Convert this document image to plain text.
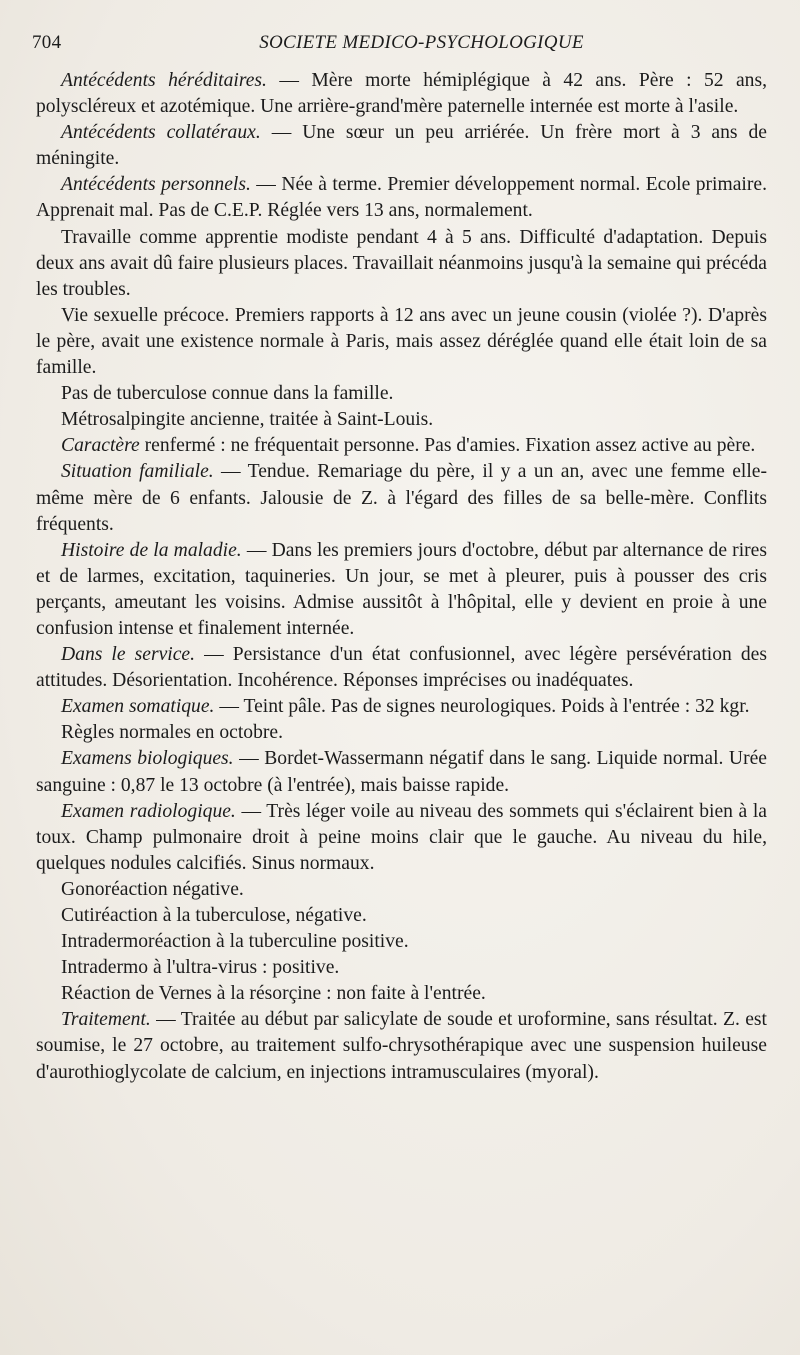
704	SOCIETE MEDICO-PSYCHOLOGIQUE

Antécédents héréditaires. — Mère morte hémiplégique à 42 ans. Père : 52 ans, polyscléreux et azotémique. Une arrière-grand'mère paternelle internée est morte à l'asile.

Antécédents collatéraux. — Une sœur un peu arriérée. Un frère mort à 3 ans de méningite.

Antécédents personnels. — Née à terme. Premier développement normal. Ecole primaire. Apprenait mal. Pas de C.E.P. Réglée vers 13 ans, normalement.

Travaille comme apprentie modiste pendant 4 à 5 ans. Difficulté d'adaptation. Depuis deux ans avait dû faire plusieurs places. Travaillait néanmoins jusqu'à la semaine qui précéda les troubles.

Vie sexuelle précoce. Premiers rapports à 12 ans avec un jeune cousin (violée ?). D'après le père, avait une existence normale à Paris, mais assez déréglée quand elle était loin de sa famille.

Pas de tuberculose connue dans la famille.

Métrosalpingite ancienne, traitée à Saint-Louis.

Caractère renfermé : ne fréquentait personne. Pas d'amies. Fixation assez active au père.

Situation familiale. — Tendue. Remariage du père, il y a un an, avec une femme elle-même mère de 6 enfants. Jalousie de Z. à l'égard des filles de sa belle-mère. Conflits fréquents.

Histoire de la maladie. — Dans les premiers jours d'octobre, début par alternance de rires et de larmes, excitation, taquineries. Un jour, se met à pleurer, puis à pousser des cris perçants, ameutant les voisins. Admise aussitôt à l'hôpital, elle y devient en proie à une confusion intense et finalement internée.

Dans le service. — Persistance d'un état confusionnel, avec légère persévération des attitudes. Désorientation. Incohérence. Réponses imprécises ou inadéquates.

Examen somatique. — Teint pâle. Pas de signes neurologiques. Poids à l'entrée : 32 kgr.

Règles normales en octobre.

Examens biologiques. — Bordet-Wassermann négatif dans le sang. Liquide normal. Urée sanguine : 0,87 le 13 octobre (à l'entrée), mais baisse rapide.

Examen radiologique. — Très léger voile au niveau des sommets qui s'éclairent bien à la toux. Champ pulmonaire droit à peine moins clair que le gauche. Au niveau du hile, quelques nodules calcifiés. Sinus normaux.

Gonoréaction négative.

Cutiréaction à la tuberculose, négative.

Intradermoréaction à la tuberculine positive.

Intradermo à l'ultra-virus : positive.

Réaction de Vernes à la résorçine : non faite à l'entrée.

Traitement. — Traitée au début par salicylate de soude et uroformine, sans résultat. Z. est soumise, le 27 octobre, au traitement sulfo-chrysothérapique avec une suspension huileuse d'aurothioglycolate de calcium, en injections intramusculaires (myoral).
